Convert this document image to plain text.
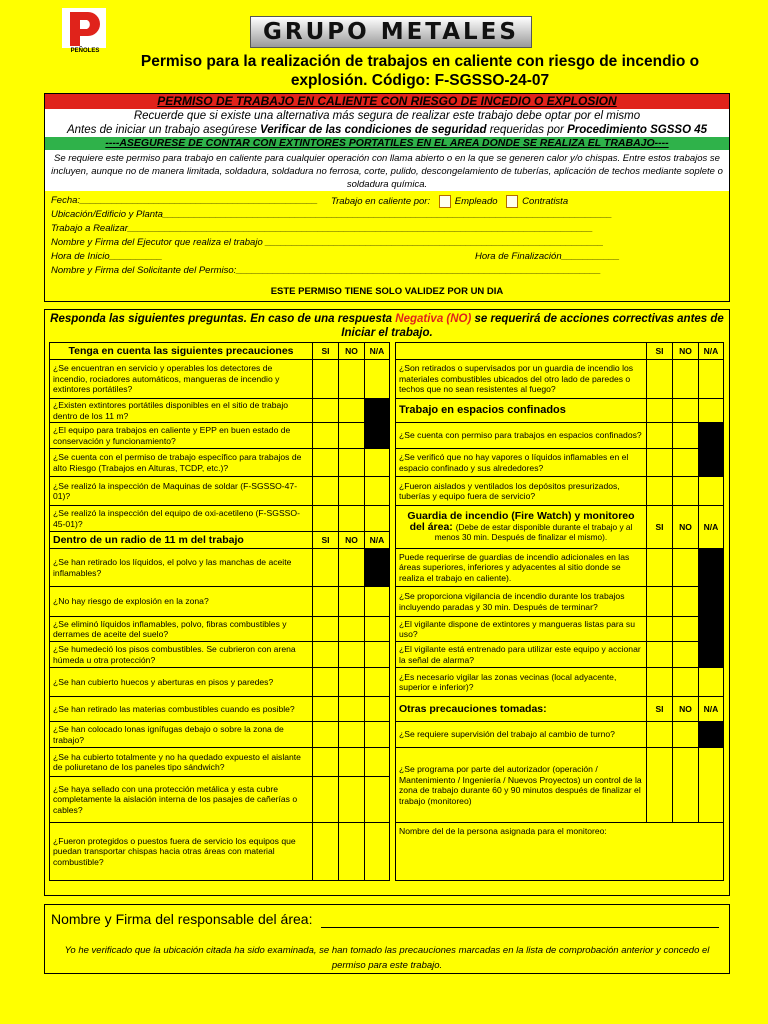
PEÑOLES
GRUPO METALES
Permiso para la realización de trabajos en caliente con riesgo de incendio o
explosión. Código: F-SGSSO-24-07
PERMISO DE TRABAJO EN CALIENTE CON RIESGO DE INCEDIO O EXPLOSION
Recuerde que si existe una alternativa más segura de realizar este trabajo debe optar por el mismo
Antes de iniciar un trabajo asegúrese Verificar de las condiciones de seguridad requeridas por Procedimiento SGSSO 45
----ASEGURESE DE CONTAR CON EXTINTORES PORTATILES EN EL AREA DONDE SE REALIZA EL TRABAJO----
Se requiere este permiso para trabajo en caliente para cualquier operación con llama abierto o en la que se generen calor y/o chispas. Entre estos trabajos se incluyen, aunque no de manera limitada, soldadura, soldadura no ferrosa, corte, pulido, descongelamiento de tuberías, aplicación de techos mediante soplete o soldadura química.
Fecha:_____________________________________________ Trabajo en caliente por:	Empleado	Contratista
Ubicación/Edificio y Planta_____________________________________________________________________________________
Trabajo a Realizar________________________________________________________________________________________
Nombre y Firma del Ejecutor que realiza el trabajo ________________________________________________________________
Hora de Inicio__________	Hora de Finalización___________
Nombre y Firma del Solicitante del Permiso:_____________________________________________________________________
ESTE PERMISO TIENE SOLO VALIDEZ POR UN DIA
Responda las siguientes preguntas. En caso de una respuesta Negativa (NO) se requerirá de acciones correctivas antes de Iniciar el trabajo.
Tenga en cuenta las siguientes precauciones	SI	NO	N/A
¿Se encuentran en servicio y operables los detectores de incendio, rociadores automáticos, mangueras de incendio y extintores portátiles?			
¿Existen extintores portátiles disponibles en el sitio de trabajo dentro de los 11 m?			
¿El equipo para trabajos en caliente y EPP en buen estado de conservación y funcionamiento?			
¿Se cuenta con el permiso de trabajo específico para trabajos de alto Riesgo (Trabajos en Alturas, TCDP, etc.)?			
¿Se realizó la inspección de Maquinas de soldar (F-SGSSO-47-01)?			
¿Se realizó la inspección del equipo de oxi-acetileno (F-SGSSO-45-01)?			
Dentro de un radio de 11 m del trabajo	SI	NO	N/A
¿Se han retirado los líquidos, el polvo y las manchas de aceite inflamables?			
¿No hay riesgo de explosión en la zona?			
¿Se eliminó líquidos inflamables, polvo, fibras combustibles y derrames de aceite del suelo?			
¿Se humedeció los pisos combustibles. Se cubrieron con arena húmeda u otra protección?			
¿Se han cubierto huecos y aberturas en pisos y paredes?			
¿Se han retirado las materias combustibles cuando es posible?			
¿Se han colocado lonas ignífugas debajo o sobre la zona de trabajo?			
¿Se ha cubierto totalmente y no ha quedado expuesto el aislante de poliuretano de los paneles tipo sándwich?			
¿Se haya sellado con una protección metálica y esta cubre completamente la aislación interna de los pasajes de cañerías o cables?			
¿Fueron protegidos o puestos fuera de servicio los equipos que puedan transportar chispas hacia otras áreas con material combustible?			
	SI	NO	N/A
¿Son retirados o supervisados por un guardia de incendio los materiales combustibles ubicados del otro lado de paredes o techos que no sean resistentes al fuego?			
Trabajo en espacios confinados			
¿Se cuenta con permiso para trabajos en espacios confinados?			
¿Se verificó que no hay vapores o líquidos inflamables en el espacio confinado y sus alrededores?			
¿Fueron aislados y ventilados los depósitos presurizados, tuberías y equipo fuera de servicio?			
Guardia de incendio (Fire Watch) y monitoreo del área: (Debe de estar disponible durante el trabajo y al menos 30 min. Después de finalizar el mismo).	SI	NO	N/A
Puede requerirse de guardias de incendio adicionales en las áreas superiores, inferiores y adyacentes al sitio donde se realiza el trabajo en caliente).			
¿Se proporciona vigilancia de incendio durante los trabajos incluyendo paradas y 30 min. Después de terminar?			
¿El vigilante dispone de extintores y mangueras listas para su uso?			
¿El vigilante está entrenado para utilizar este equipo y accionar la señal de alarma?			
¿Es necesario vigilar las zonas vecinas (local adyacente, superior e inferior)?			
Otras precauciones tomadas:	SI	NO	N/A
¿Se requiere supervisión del trabajo al cambio de turno?			
¿Se programa por parte del autorizador (operación / Mantenimiento / Ingeniería / Nuevos Proyectos) un control de la zona de trabajo durante 60 y 90 minutos después de finalizar el trabajo (monitoreo)			
Nombre del de la persona asignada para el monitoreo:			
Nombre y Firma del responsable del área:
Yo he verificado que la ubicación citada ha sido examinada, se han tomado las precauciones marcadas en la lista de comprobación anterior y concedo el permiso para este trabajo.
